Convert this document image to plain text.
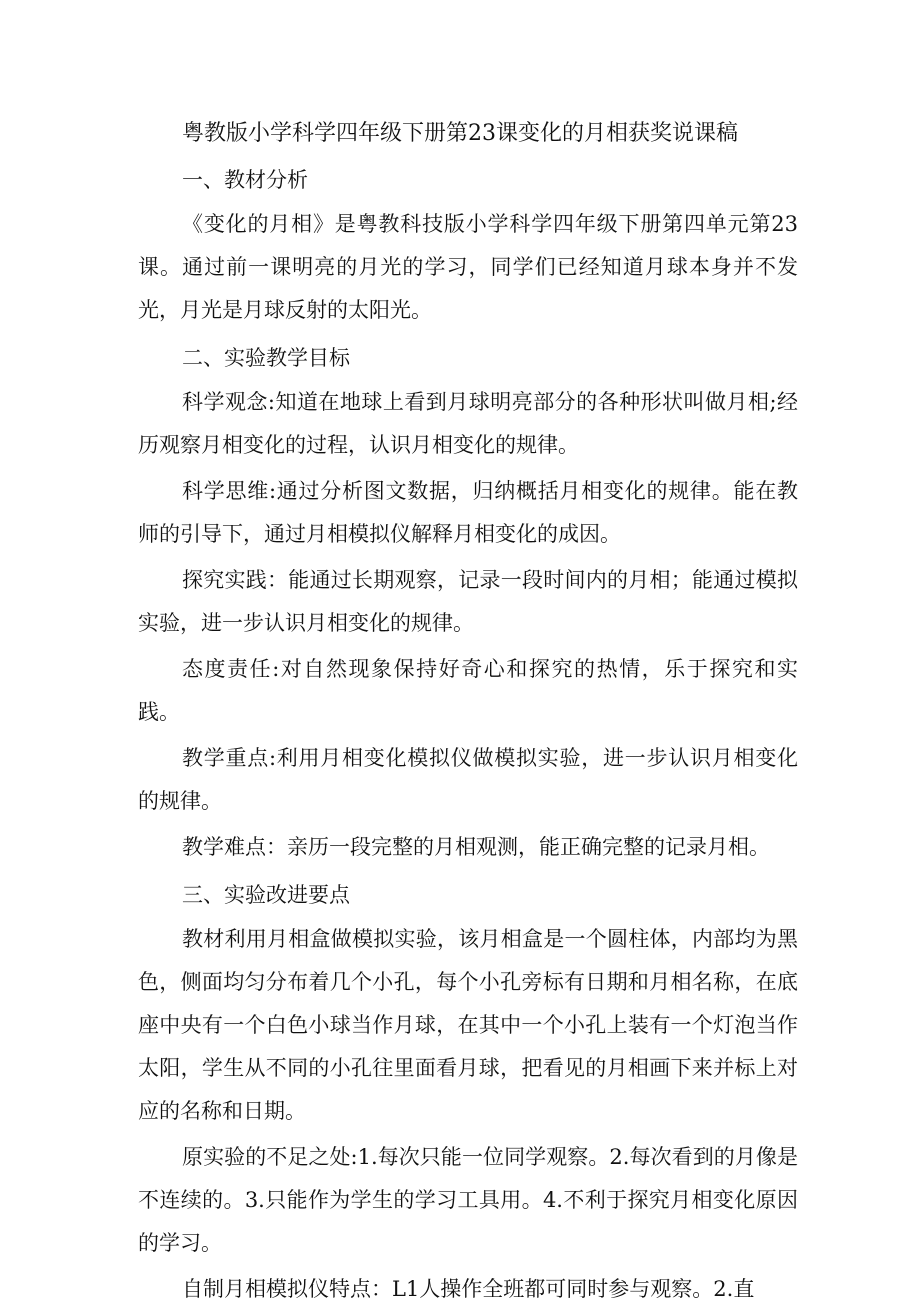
粤教版小学科学四年级下册第23课变化的月相获奖说课稿
一、教材分析

《变化的月相》是粤教科技版小学科学四年级下册第四单元第23课。通过前一课明亮的月光的学习，同学们已经知道月球本身并不发光，月光是月球反射的太阳光。

二、实验教学目标

科学观念:知道在地球上看到月球明亮部分的各种形状叫做月相;经历观察月相变化的过程，认识月相变化的规律。

科学思维:通过分析图文数据，归纳概括月相变化的规律。能在教师的引导下，通过月相模拟仪解释月相变化的成因。

探究实践：能通过长期观察，记录一段时间内的月相；能通过模拟实验，进一步认识月相变化的规律。

态度责任:对自然现象保持好奇心和探究的热情，乐于探究和实践。

教学重点:利用月相变化模拟仪做模拟实验，进一步认识月相变化的规律。

教学难点：亲历一段完整的月相观测，能正确完整的记录月相。

三、实验改进要点

教材利用月相盒做模拟实验，该月相盒是一个圆柱体，内部均为黑色，侧面均匀分布着几个小孔，每个小孔旁标有日期和月相名称，在底座中央有一个白色小球当作月球，在其中一个小孔上装有一个灯泡当作太阳，学生从不同的小孔往里面看月球，把看见的月相画下来并标上对应的名称和日期。

原实验的不足之处:1.每次只能一位同学观察。2.每次看到的月像是不连续的。3.只能作为学生的学习工具用。4.不利于探究月相变化原因的学习。

自制月相模拟仪特点：L1人操作全班都可同时参与观察。2.直
